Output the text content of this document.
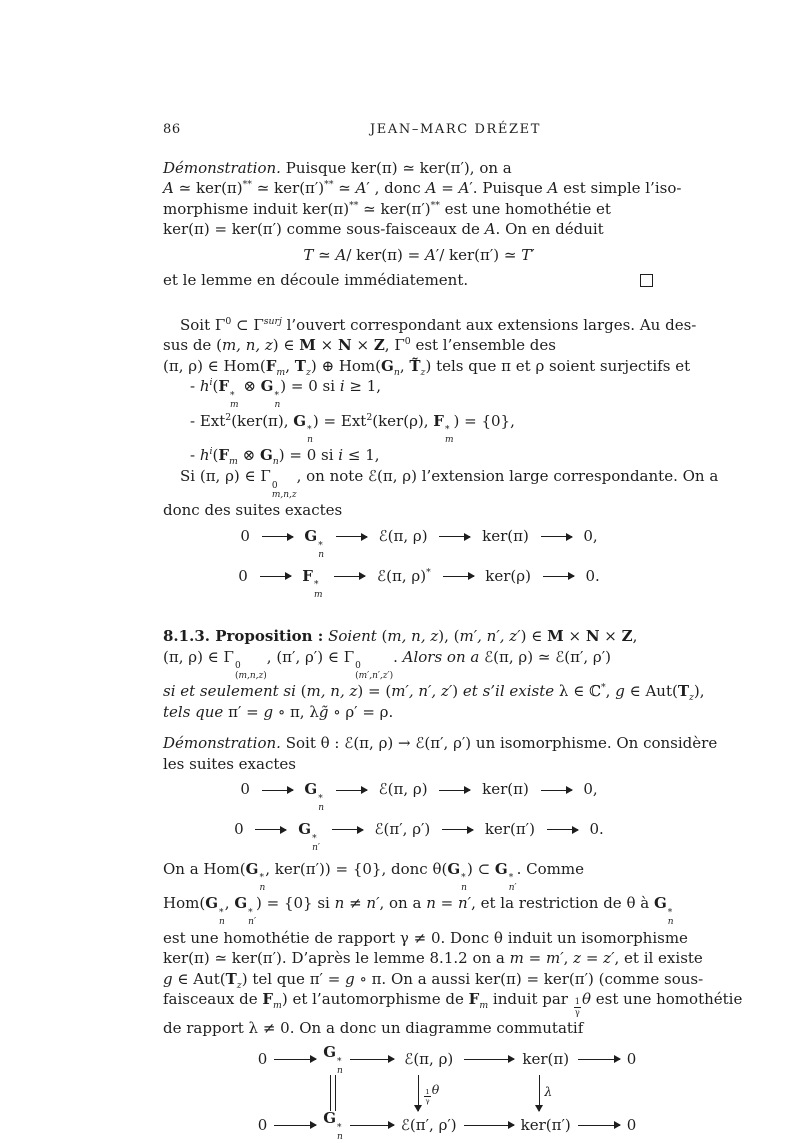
86	JEAN–MARC DRÉZET
Démonstration. Puisque ker(π) ≃ ker(π′), on a
A ≃ ker(π)** ≃ ker(π′)** ≃ A′ , donc A = A′. Puisque A est simple l’iso-
morphisme induit ker(π)** ≃ ker(π′)** est une homothétie et
ker(π) = ker(π′) comme sous-faisceaux de A. On en déduit
T ≃ A/ ker(π) = A′/ ker(π′) ≃ T′
et le lemme en découle immédiatement.
Soit $\Gamma^0$ ⊂ $\Gamma^{surj}$ l’ouvert correspondant aux extensions larges. Au des-
sus de (m, n, z) ∈ M × N × Z, $\Gamma^0$ est l’ensemble des
(π, ρ) ∈ $Hom(F_m$, $T_z$) ⊕ $Hom(G_n$, $T̃_z$) tels que π et ρ soient surjectifs et
- $h^i(F$
*
m
⊗ G
*
n
) = 0 si i ≥ 1,
- Ext$^2$(ker(π), G
*
n
) = Ext$^2$(ker(ρ), F
*
m
) = {0},
- $h^i(F_m$ ⊗ $G_n) = 0$ si i ≤ 1,
Si (π, ρ) ∈ Γ
0
m,n,z
, on note ℰ(π, ρ) l’extension large correspondante. On a
donc des suites exactes
0	G
*
n
ℰ(π, ρ)	ker(π)	0,
0	F
*
m
ℰ(π, ρ)*	ker(ρ)	0.
8.1.3. Proposition : Soient (m, n, z), (m′, n′, z′) ∈ M × N × Z,
(π, ρ) ∈ Γ
0
(m,n,z)
, (π′, ρ′) ∈ Γ
0
(m′,n′,z′)
. Alors on a ℰ(π, ρ) ≃ ℰ(π′, ρ′)
si et seulement si (m, n, z) = (m′, n′, z′) et s’il existe λ ∈ ℂ*, g ∈ $Aut(T_z)$,
tels que π′ = g ∘ π, λg̃ ∘ ρ′ = ρ.
Démonstration. Soit θ : ℰ(π, ρ) → ℰ(π′, ρ′) un isomorphisme. On considère
les suites exactes
0	G
*
n
ℰ(π, ρ)	ker(π)	0,
0	G
*
n′
ℰ(π′, ρ′)	ker(π′)	0.
On a Hom(G
*
n
, ker(π′)) = {0}, donc θ(G
*
n
) ⊂ G
*
n′
. Comme
Hom(G
*
n
, G
*
n′
) = {0} si n ≠ n′, on a n = n′, et la restriction de θ à G
*
n
est une homothétie de rapport γ ≠ 0. Donc θ induit un isomorphisme
ker(π) ≃ ker(π′). D’après le lemme 8.1.2 on a m = m′, z = z′, et il existe
g ∈ $Aut(T_z)$ tel que π′ = g ∘ π. On a aussi ker(π) = ker(π′) (comme sous-
faisceaux de $F_m$) et l’automorphisme de $F_m$ induit par $\frac{1}{\gamma}$ θ est une homothétie
de rapport λ ≠ 0. On a donc un diagramme commutatif
0	G
*
n
ℰ(π, ρ)	ker(π)	0
$\frac{1}{\gamma}$ θ	λ
0	G
*
n
ℰ(π′, ρ′)	ker(π′)	0
